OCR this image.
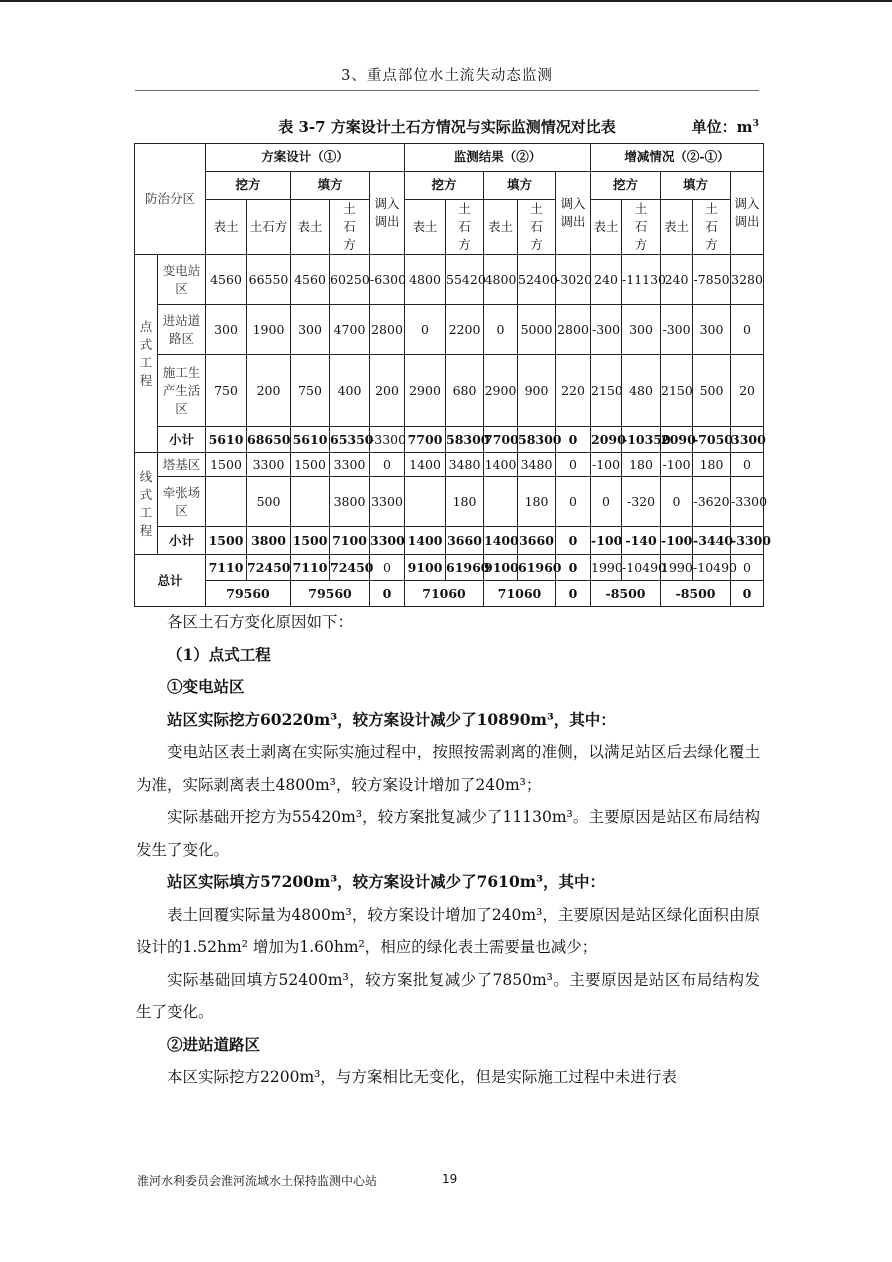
3、重点部位水土流失动态监测
表 3-7 方案设计土石方情况与实际监测情况对比表	单位：$m^3$
防治分区		方案设计（①）					监测结果（②）					增减情况（②-①）				
		挖方		填方		调入调出	挖方		填方		调入调出	挖方		填方		调入调出
		表土	土石方	表土	土石方		表土	土石方	表土	土石方		表土	土石方	表土	土石方	
点
式
工
程	变电站区	4560	66550	4560	60250	-6300	4800	55420	4800	52400	-3020	240	-11130	240	-7850	3280
	进站道路区	300	1900	300	4700	2800	0	2200	0	5000	2800	-300	300	-300	300	0
	施工生产生活区	750	200	750	400	200	2900	680	2900	900	220	2150	480	2150	500	20
	小计	5610	68650	5610	65350	-3300	7700	58300	7700	58300	0	2090	-10350	2090	-7050	3300
线
式
工
程	塔基区	1500	3300	1500	3300	0	1400	3480	1400	3480	0	-100	180	-100	180	0
	牵张场区		500		3800	3300		180		180	0	0	-320	0	-3620	-3300
	小计	1500	3800	1500	7100	3300	1400	3660	1400	3660	0	-100	-140	-100	-3440	-3300
总计		7110	72450	7110	72450	0	9100	61960	9100	61960	0	1990	-10490	1990	-10490	0
		79560		79560		0	71060		71060		0	-8500		-8500		0

各区土石方变化原因如下：

（1）点式工程

①变电站区

站区实际挖方60220m³，较方案设计减少了10890m³，其中：

变电站区表土剥离在实际实施过程中，按照按需剥离的准侧，以满足站区后去绿化覆土为准，实际剥离表土4800m³，较方案设计增加了240m³；

实际基础开挖方为55420m³，较方案批复减少了11130m³。主要原因是站区布局结构发生了变化。

站区实际填方57200m³，较方案设计减少了7610m³，其中：

表土回覆实际量为4800m³，较方案设计增加了240m³，主要原因是站区绿化面积由原设计的1.52hm² 增加为1.60hm²，相应的绿化表土需要量也减少；

实际基础回填方52400m³，较方案批复减少了7850m³。主要原因是站区布局结构发生了变化。

②进站道路区

本区实际挖方2200m³，与方案相比无变化，但是实际施工过程中未进行表

淮河水利委员会淮河流域水土保持监测中心站	19
